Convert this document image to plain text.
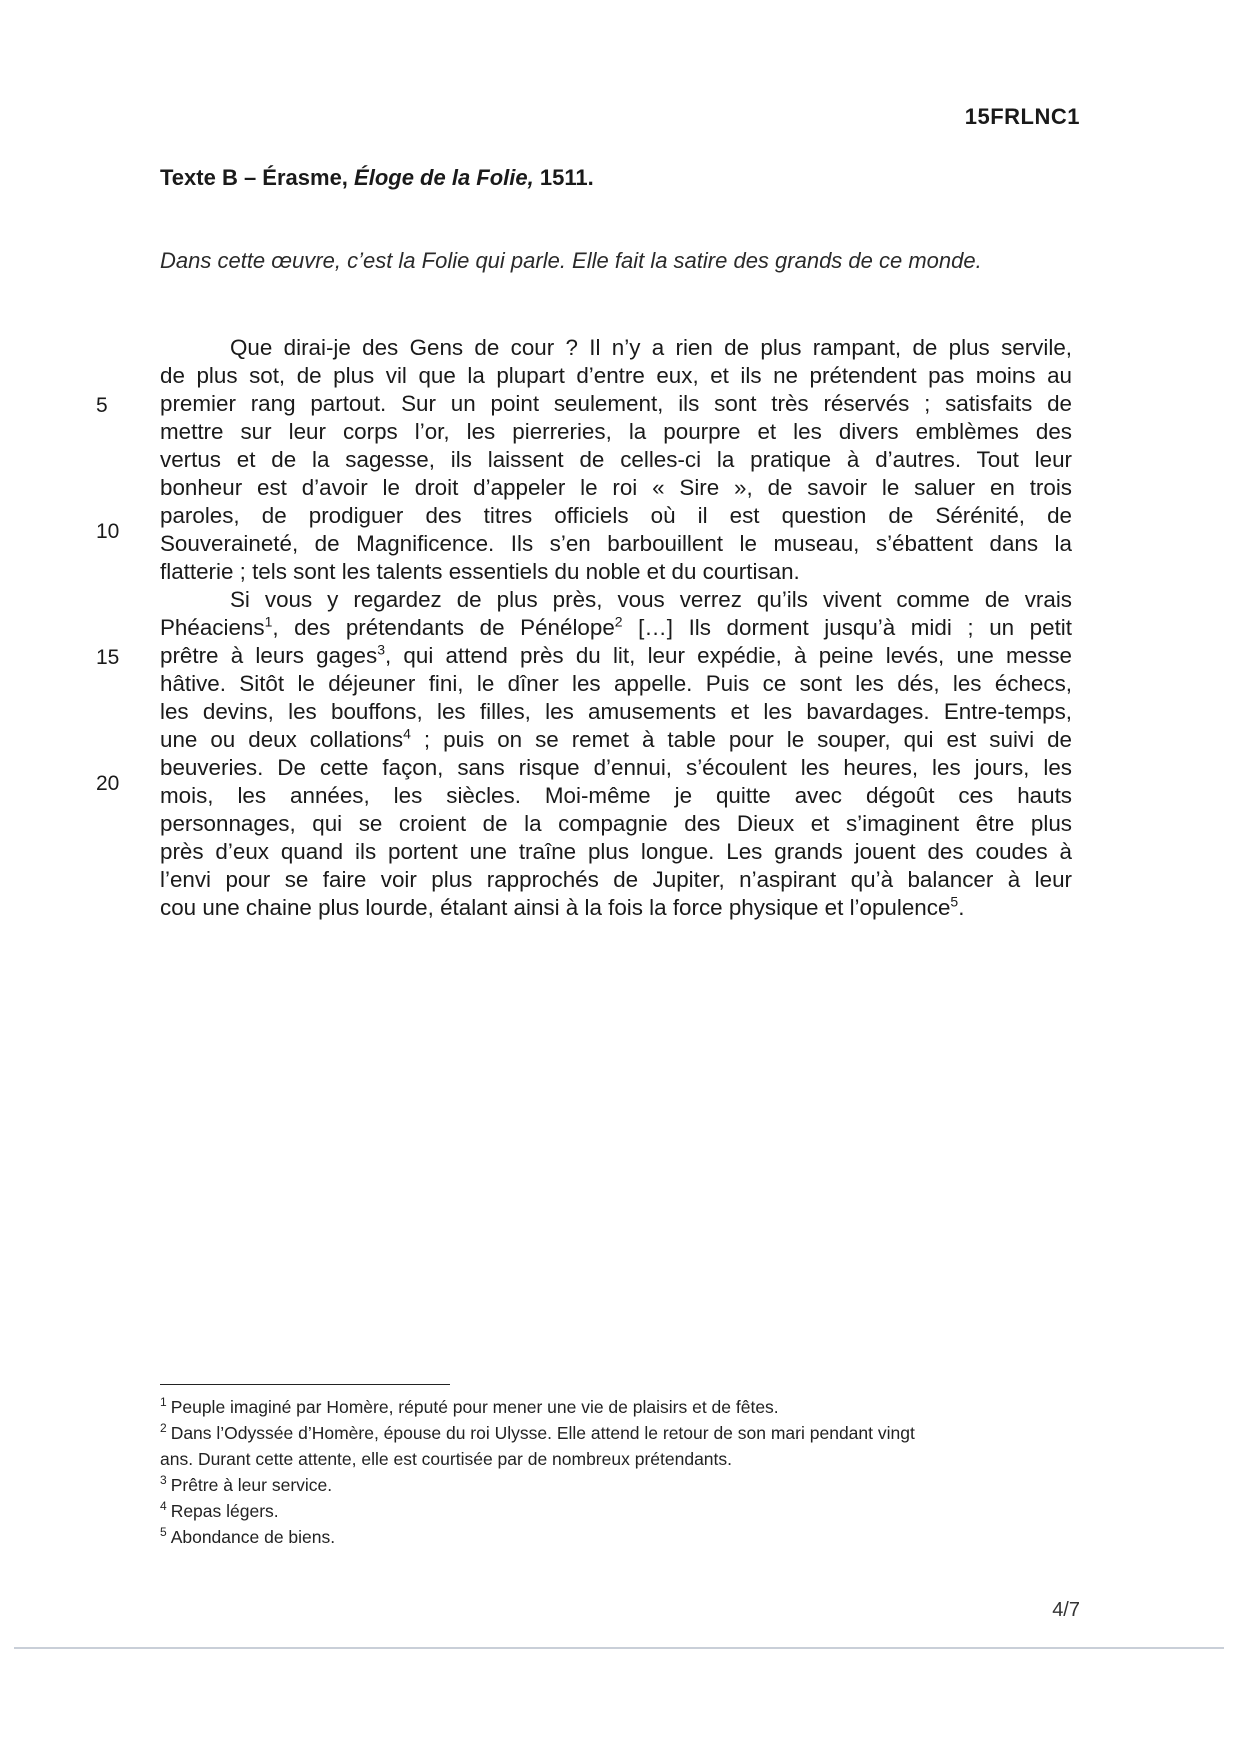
15FRLNC1
Texte B – Érasme, Éloge de la Folie, 1511.
Dans cette œuvre, c’est la Folie qui parle. Elle fait la satire des grands de ce monde.
5
10
15
20
Que dirai-je des Gens de cour ? Il n’y a rien de plus rampant, de plus servile,
de plus sot, de plus vil que la plupart d’entre eux, et ils ne prétendent pas moins au
premier rang partout. Sur un point seulement, ils sont très réservés ; satisfaits de
mettre sur leur corps l’or, les pierreries, la pourpre et les divers emblèmes des
vertus et de la sagesse, ils laissent de celles-ci la pratique à d’autres. Tout leur
bonheur est d’avoir le droit d’appeler le roi « Sire », de savoir le saluer en trois
paroles, de prodiguer des titres officiels où il est question de Sérénité, de
Souveraineté, de Magnificence. Ils s’en barbouillent le museau, s’ébattent dans la
flatterie ; tels sont les talents essentiels du noble et du courtisan.
Si vous y regardez de plus près, vous verrez qu’ils vivent comme de vrais
Phéaciens$^1$, des prétendants de Pénélope$^2$ […] Ils dorment jusqu’à midi ; un petit
prêtre à leurs gages$^3$, qui attend près du lit, leur expédie, à peine levés, une messe
hâtive. Sitôt le déjeuner fini, le dîner les appelle. Puis ce sont les dés, les échecs,
les devins, les bouffons, les filles, les amusements et les bavardages. Entre-temps,
une ou deux collations$^4$ ; puis on se remet à table pour le souper, qui est suivi de
beuveries. De cette façon, sans risque d’ennui, s’écoulent les heures, les jours, les
mois, les années, les siècles. Moi-même je quitte avec dégoût ces hauts
personnages, qui se croient de la compagnie des Dieux et s’imaginent être plus
près d’eux quand ils portent une traîne plus longue. Les grands jouent des coudes à
l’envi pour se faire voir plus rapprochés de Jupiter, n’aspirant qu’à balancer à leur
cou une chaine plus lourde, étalant ainsi à la fois la force physique et l’opulence$^5$.
$^1$ Peuple imaginé par Homère, réputé pour mener une vie de plaisirs et de fêtes.
$^2$ Dans l’Odyssée d’Homère, épouse du roi Ulysse. Elle attend le retour de son mari pendant vingt
ans. Durant cette attente, elle est courtisée par de nombreux prétendants.
$^3$ Prêtre à leur service.
$^4$ Repas légers.
$^5$ Abondance de biens.
4/7
